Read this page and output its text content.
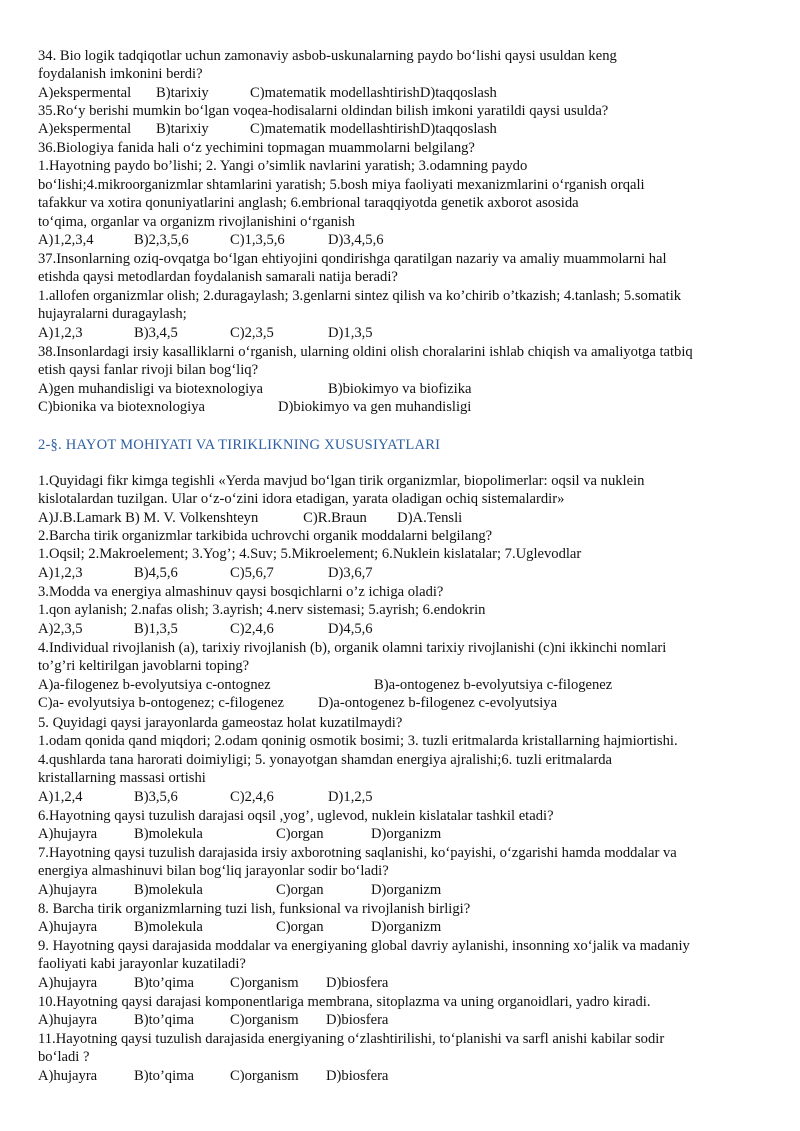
34. Bio logik tadqiqotlar uchun zamonaviy asbob-uskunalarning paydo bo‘lishi qaysi usuldan keng
foydalanish imkonini berdi?
A)ekspermental B)tarixiy	C)matematik modellashtirishD)taqqoslash
35.Ro‘y berishi mumkin bo‘lgan voqea-hodisalarni oldindan bilish imkoni yaratildi qaysi usulda?
A)ekspermental B)tarixiy	C)matematik modellashtirishD)taqqoslash
36.Biologiya fanida hali o‘z yechimini topmagan muammolarni belgilang?
1.Hayotning paydo bo’lishi; 2. Yangi o’simlik navlarini yaratish; 3.odamning paydo
bo‘lishi;4.mikroorganizmlar shtamlarini yaratish; 5.bosh miya faoliyati mexanizmlarini o‘rganish orqali
tafakkur va xotira qonuniyatlarini anglash; 6.embrional taraqqiyotda genetik axborot asosida
to‘qima, organlar va organizm rivojlanishini o‘rganish
A)1,2,3,4	B)2,3,5,6	C)1,3,5,6	D)3,4,5,6
37.Insonlarning oziq-ovqatga bo‘lgan ehtiyojini qondirishga qaratilgan nazariy va amaliy muammolarni hal
etishda qaysi metodlardan foydalanish samarali natija beradi?
1.allofen organizmlar olish; 2.duragaylash; 3.genlarni sintez qilish va ko’chirib o’tkazish; 4.tanlash; 5.somatik
hujayralarni duragaylash;
A)1,2,3	B)3,4,5	C)2,3,5	D)1,3,5
38.Insonlardagi irsiy kasalliklarni o‘rganish, ularning oldini olish choralarini ishlab chiqish va amaliyotga tatbiq
etish qaysi fanlar rivoji bilan bog‘liq?
A)gen muhandisligi va biotexnologiya	B)biokimyo va biofizika
C)bionika va biotexnologiya	D)biokimyo va gen muhandisligi
2-§. HAYOT MOHIYATI VA TIRIKLIKNING XUSUSIYATLARI
1.Quyidagi fikr kimga tegishli «Yerda mavjud bo‘lgan tirik organizmlar, biopolimerlar: oqsil va nuklein
kislotalardan tuzilgan. Ular o‘z-o‘zini idora etadigan, yarata oladigan ochiq sistemalardir»
A)J.B.Lamark B) M. V. Volkenshteyn	C)R.Braun D)A.Tensli
2.Barcha tirik organizmlar tarkibida uchrovchi organik moddalarni belgilang?
1.Oqsil; 2.Makroelement; 3.Yog’; 4.Suv; 5.Mikroelement; 6.Nuklein kislatalar; 7.Uglevodlar
A)1,2,3	B)4,5,6	C)5,6,7	D)3,6,7
3.Modda va energiya almashinuv qaysi bosqichlarni o’z ichiga oladi?
1.qon aylanish; 2.nafas olish; 3.ayrish; 4.nerv sistemasi; 5.ayrish; 6.endokrin
A)2,3,5	B)1,3,5	C)2,4,6	D)4,5,6
4.Individual rivojlanish (a), tarixiy rivojlanish (b), organik olamni tarixiy rivojlanishi (c)ni ikkinchi nomlari
to’g’ri keltirilgan javoblarni toping?
A)a-filogenez b-evolyutsiya c-ontognez	B)a-ontogenez b-evolyutsiya c-filogenez
C)a- evolyutsiya b-ontogenez; c-filogenez D)a-ontogenez b-filogenez c-evolyutsiya
5. Quyidagi qaysi jarayonlarda gameostaz holat kuzatilmaydi?
1.odam qonida qand miqdori; 2.odam qoninig osmotik bosimi; 3. tuzli eritmalarda kristallarning hajmiortishi.
4.qushlarda tana harorati doimiyligi; 5. yonayotgan shamdan energiya ajralishi;6. tuzli eritmalarda
kristallarning massasi ortishi
A)1,2,4	B)3,5,6	C)2,4,6	D)1,2,5
6.Hayotning qaysi tuzulish darajasi oqsil ,yog’, uglevod, nuklein kislatalar tashkil etadi?
A)hujayra	B)molekula	C)organ	D)organizm
7.Hayotning qaysi tuzulish darajasida irsiy axborotning saqlanishi, ko‘payishi, o‘zgarishi hamda moddalar va
energiya almashinuvi bilan bog‘liq jarayonlar sodir bo‘ladi?
A)hujayra	B)molekula	C)organ	D)organizm
8. Barcha tirik organizmlarning tuzi lish, funksional va rivojlanish birligi?
A)hujayra	B)molekula	C)organ	D)organizm
9. Hayotning qaysi darajasida moddalar va energiyaning global davriy aylanishi, insonning xo‘jalik va madaniy
faoliyati kabi jarayonlar kuzatiladi?
A)hujayra	B)to’qima C)organism D)biosfera
10.Hayotning qaysi darajasi komponentlariga membrana, sitoplazma va uning organoidlari, yadro kiradi.
A)hujayra	B)to’qima C)organism D)biosfera
11.Hayotning qaysi tuzulish darajasida energiyaning o‘zlashtirilishi, to‘planishi va sarfl anishi kabilar sodir
bo‘ladi ?
A)hujayra	B)to’qima C)organism D)biosfera
